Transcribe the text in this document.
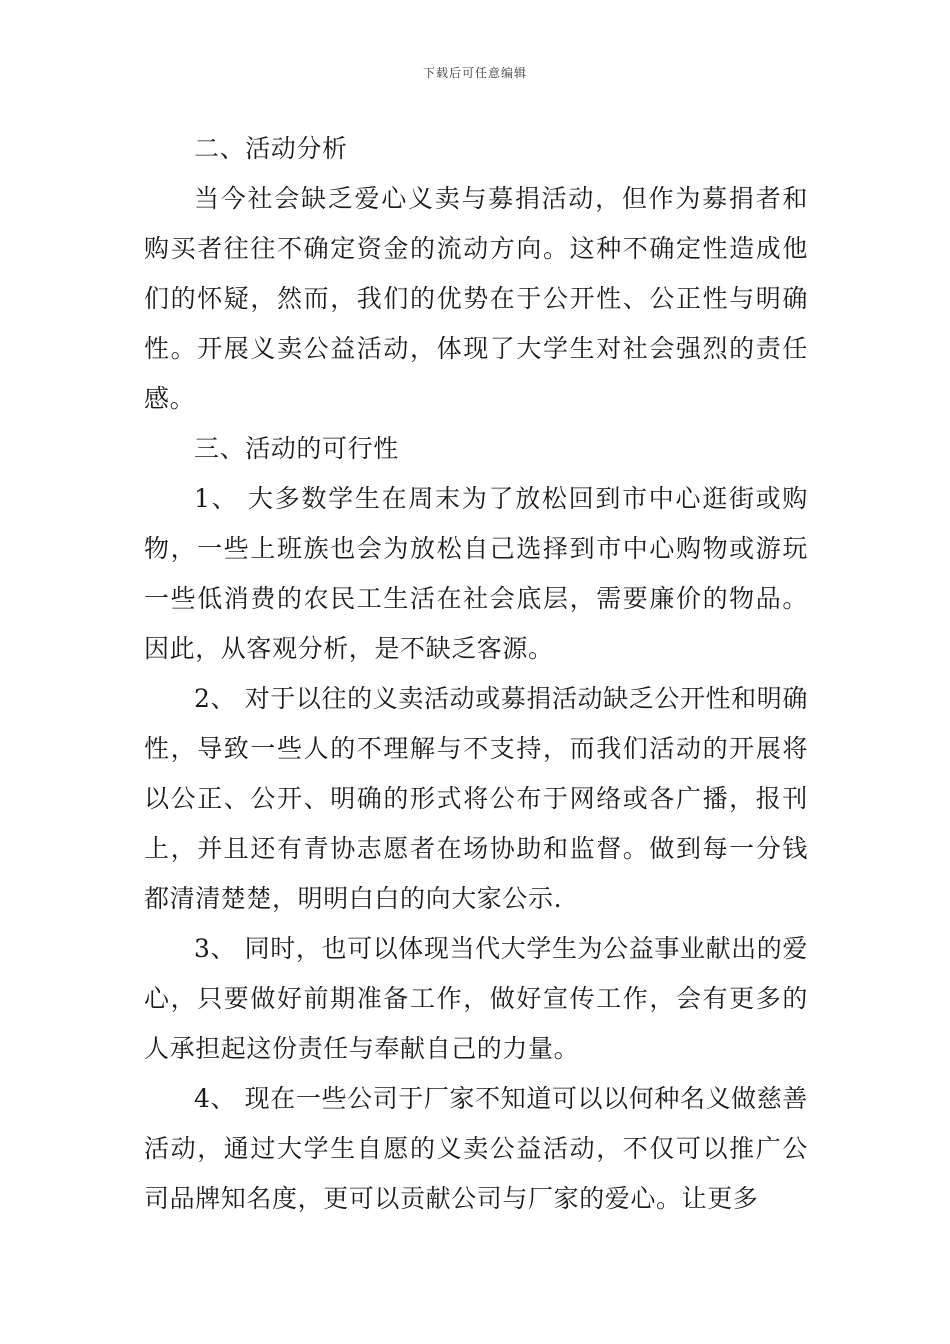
下载后可任意编辑

二、活动分析

当今社会缺乏爱心义卖与募捐活动，但作为募捐者和购买者往往不确定资金的流动方向。这种不确定性造成他们的怀疑，然而，我们的优势在于公开性、公正性与明确性。开展义卖公益活动，体现了大学生对社会强烈的责任感。

三、活动的可行性

1、 大多数学生在周末为了放松回到市中心逛街或购物，一些上班族也会为放松自己选择到市中心购物或游玩一些低消费的农民工生活在社会底层，需要廉价的物品。因此，从客观分析，是不缺乏客源。

2、 对于以往的义卖活动或募捐活动缺乏公开性和明确性，导致一些人的不理解与不支持，而我们活动的开展将以公正、公开、明确的形式将公布于网络或各广播，报刊上，并且还有青协志愿者在场协助和监督。做到每一分钱都清清楚楚，明明白白的向大家公示.

3、 同时，也可以体现当代大学生为公益事业献出的爱心，只要做好前期准备工作，做好宣传工作，会有更多的人承担起这份责任与奉献自己的力量。

4、 现在一些公司于厂家不知道可以以何种名义做慈善活动，通过大学生自愿的义卖公益活动，不仅可以推广公司品牌知名度，更可以贡献公司与厂家的爱心。让更多
